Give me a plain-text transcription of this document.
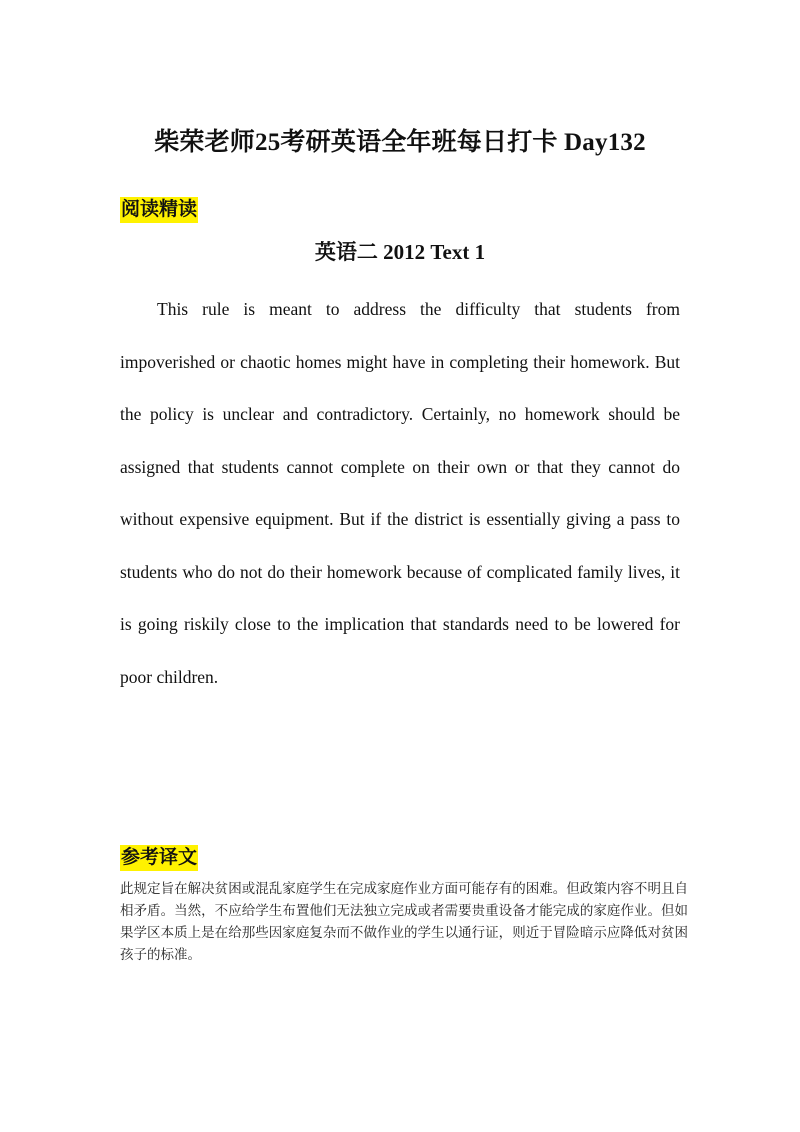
柴荣老师25考研英语全年班每日打卡 Day132
阅读精读
英语二 2012 Text 1

This rule is meant to address the difficulty that students from impoverished or chaotic homes might have in completing their homework. But the policy is unclear and contradictory. Certainly, no homework should be assigned that students cannot complete on their own or that they cannot do without expensive equipment. But if the district is essentially giving a pass to students who do not do their homework because of complicated family lives, it is going riskily close to the implication that standards need to be lowered for poor children.

参考译文

此规定旨在解决贫困或混乱家庭学生在完成家庭作业方面可能存有的困难。但政策内容不明且自相矛盾。当然，不应给学生布置他们无法独立完成或者需要贵重设备才能完成的家庭作业。但如果学区本质上是在给那些因家庭复杂而不做作业的学生以通行证，则近于冒险暗示应降低对贫困孩子的标准。
